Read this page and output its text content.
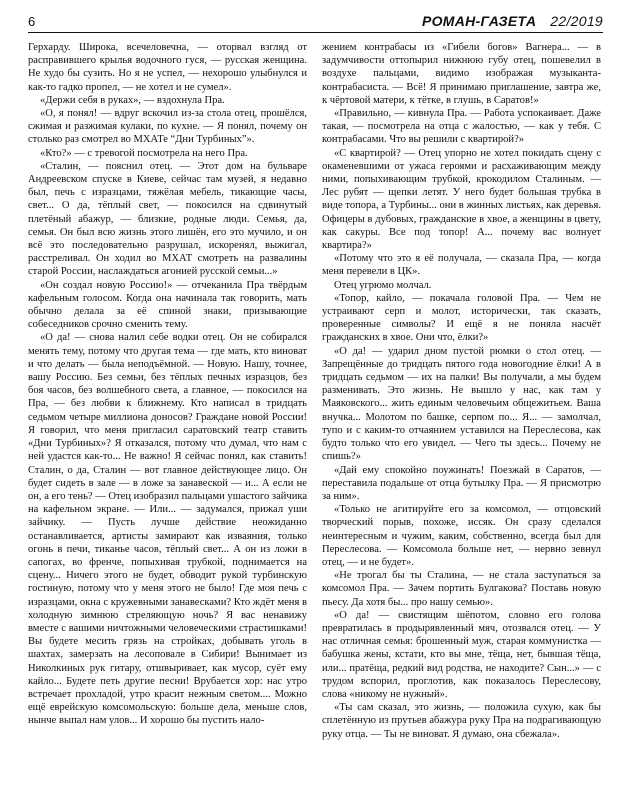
6	РОМАН-ГАЗЕТА 22/2019

Герхарду. Широка, всечеловечна, — оторвал взгляд от расправившего крылья водочного гуся, — русская женщина. Не худо бы сузить. Но я не успел, — нехорошо улыбнулся и как-то гадко пропел, — не хотел и не сумел».

«Держи себя в руках», — вздохнула Пра.

«О, я понял! — вдруг вскочил из-за стола отец, прошёлся, сжимая и разжимая кулаки, по кухне. — Я понял, почему он столько раз смотрел во МХАТе “Дни Турбиных”».

«Кто?» — с тревогой посмотрела на него Пра.

«Сталин, — пояснил отец. — Этот дом на бульваре Андреевском спуске в Киеве, сейчас там музей, я недавно был, печь с изразцами, тяжёлая мебель, тикающие часы, свет... О да, тёплый свет, — покосился на сдвинутый плетёный абажур, — близкие, родные люди. Семья, да, семья. Он был всю жизнь этого лишён, его это мучило, и он всё это последовательно разрушал, искоренял, выжигал, расстреливал. Он ходил во МХАТ смотреть на развалины старой России, наслаждаться агонией русской семьи...»

«Он создал новую Россию!» — отчеканила Пра твёрдым кафельным голосом. Когда она начинала так говорить, мать обычно делала за её спиной знаки, призывающие собеседников срочно сменить тему.

«О да! — снова налил себе водки отец. Он не собирался менять тему, потому что другая тема — где мать, кто виноват и что делать — была неподъёмной. — Новую. Нашу, точнее, вашу Россию. Без семьи, без тёплых печных изразцов, без боя часов, без волшебного света, а главное, — покосился на Пра, — без любви к ближнему. Кто написал в тридцать седьмом четыре миллиона доносов? Граждане новой России! Я говорил, что меня пригласил саратовский театр ставить «Дни Турбиных»? Я отказался, потому что думал, что нам с ней удастся как-то... Не важно! Я сейчас понял, как ставить! Сталин, о да, Сталин — вот главное действующее лицо. Он будет сидеть в зале — в ложе за занавеской — и... А если не он, а его тень? — Отец изобразил пальцами ушастого зайчика на кафельном экране. — Или... — задумался, прижал уши зайчику. — Пусть лучше действие неожиданно останавливается, артисты замирают как изваяния, только огонь в печи, тиканье часов, тёплый свет... А он из ложи в сапогах, во френче, попыхивая трубкой, поднимается на сцену... Ничего этого не будет, обводит рукой турбинскую гостиную, потому что у меня этого не было! Где моя печь с изразцами, окна с кружевными занавесками? Кто ждёт меня в холодную зимнюю стреляющую ночь? Я вас ненавижу вместе с вашими ничтожными человеческими страстишками! Вы будете месить грязь на стройках, добывать уголь в шахтах, замерзать на лесоповале в Сибири! Вынимает из Николкиных рук гитару, отшвыривает, как мусор, суёт ему кайло... Будете петь другие песни! Врубается хор: нас утро встречает прохладой, утро красит нежным светом.... Можно ещё еврейскую комсомольскую: больше дела, меньше слов, нынче выпал нам улов... И хорошо бы пустить нало-

жением контрабасы из «Гибели богов» Вагнера... — в задумчивости оттопырил нижнюю губу отец, пошевелил в воздухе пальцами, видимо изображая музыканта-контрабасиста. — Всё! Я принимаю приглашение, завтра же, к чёртовой матери, к тётке, в глушь, в Саратов!»

«Правильно, — кивнула Пра. — Работа успокаивает. Даже такая, — посмотрела на отца с жалостью, — как у тебя. С контрабасами. Что вы решили с квартирой?»

«С квартирой? — Отец упорно не хотел покидать сцену с окаменевшими от ужаса героями и расхаживающим между ними, попыхивающим трубкой, крокодилом Сталиным. — Лес рубят — щепки летят. У него будет большая трубка в виде топора, а Турбины... они в жинных листьях, как деревья. Офицеры в дубовых, гражданские в хвое, а женщины в цвету, как сакуры. Все под топор! А... почему вас волнует квартира?»

«Потому что это я её получала, — сказала Пра, — когда меня перевели в ЦК».

Отец угрюмо молчал.

«Топор, кайло, — покачала головой Пра. — Чем не устраивают серп и молот, исторически, так сказать, проверенные символы? И ещё я не поняла насчёт гражданских в хвое. Они что, ёлки?»

«О да! — ударил дном пустой рюмки о стол отец. — Запрещённые до тридцать пятого года новогодние ёлки! А в тридцать седьмом — их на палки! Вы получали, а мы будем разменивать. Это жизнь. Не вышло у нас, как там у Маяковского... жить единым человечьим общежитьем. Ваша внучка... Молотом по башке, серпом по... Я... — замолчал, тупо и с каким-то отчаянием уставился на Переслесова, как будто только что его увидел. — Чего ты здесь... Почему не спишь?»

«Дай ему спокойно поужинать! Поезжай в Саратов, — переставила подальше от отца бутылку Пра. — Я присмотрю за ним».

«Только не агитируйте его за комсомол, — отцовский творческий порыв, похоже, иссяк. Он сразу сделался неинтересным и чужим, каким, собственно, всегда был для Переслесова. — Комсомола больше нет, — нервно зевнул отец, — и не будет».

«Не трогал бы ты Сталина, — не стала заступаться за комсомол Пра. — Зачем портить Булгакова? Поставь новую пьесу. Да хотя бы... про нашу семью».

«О да! — свистящим шёпотом, словно его голова превратилась в продырявленный мяч, отозвался отец. — У нас отличная семья: брошенный муж, старая коммунистка — бабушка жены, кстати, кто вы мне, тёща, нет, бывшая тёща, или... пратёща, редкий вид родства, не находите? Сын...» — с трудом вспорил, проглотив, как показалось Переслесову, слова «никому не нужный».

«Ты сам сказал, это жизнь, — положила сухую, как бы сплетённую из прутьев абажура руку Пра на подрагивающую руку отца. — Ты не виноват. Я думаю, она сбежала».
